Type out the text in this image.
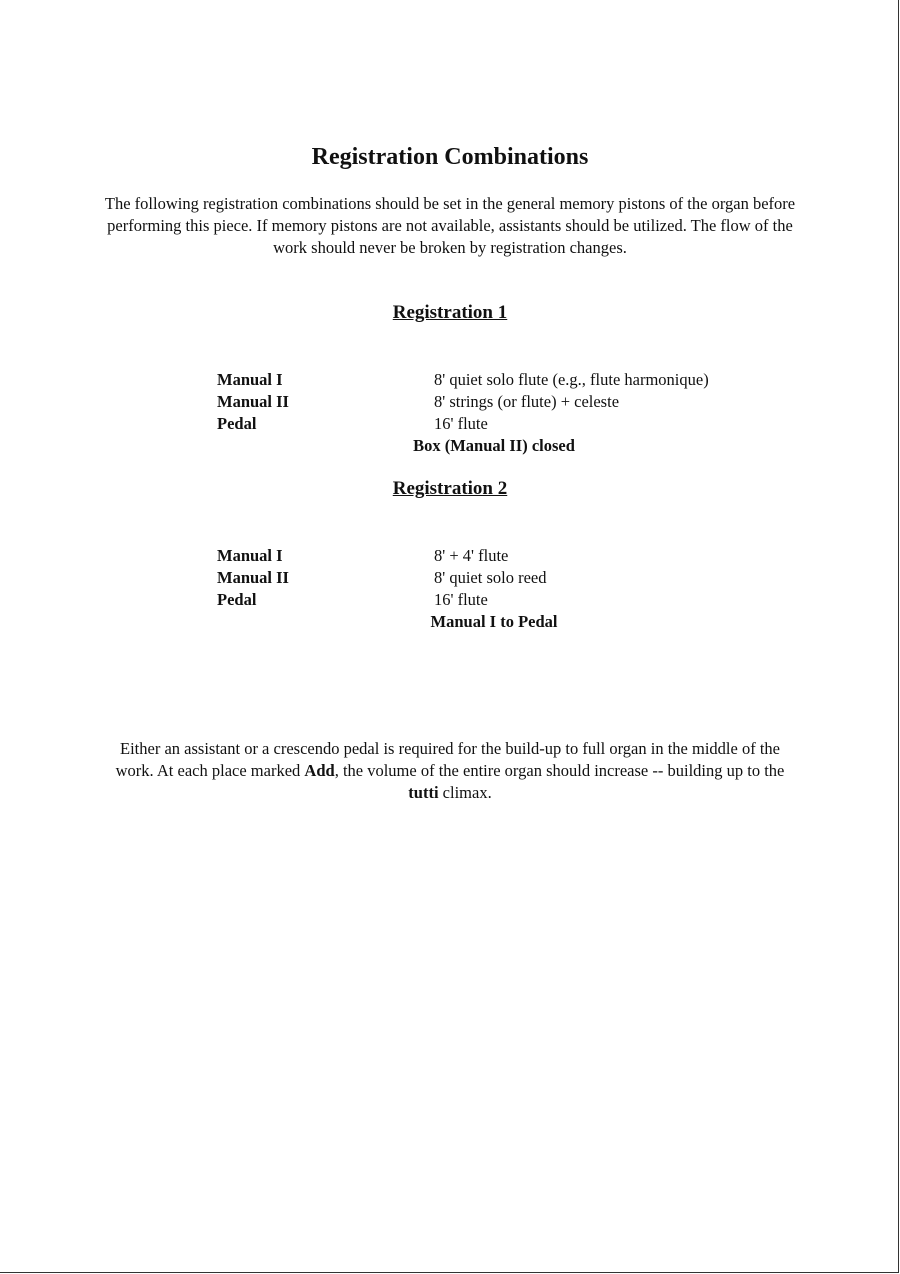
Registration Combinations

The following registration combinations should be set in the general memory pistons of the organ before performing this piece. If memory pistons are not available, assistants should be utilized. The flow of the work should never be broken by registration changes.

Registration 1
Manual I	8' quiet solo flute (e.g., flute harmonique)
Manual II	8' strings (or flute) + celeste
Pedal	16' flute
Box (Manual II) closed
Registration 2
Manual I	8' + 4' flute
Manual II	8' quiet solo reed
Pedal	16' flute
Manual I to Pedal

Either an assistant or a crescendo pedal is required for the build-up to full organ in the middle of the work. At each place marked Add, the volume of the entire organ should increase -- building up to the tutti climax.
